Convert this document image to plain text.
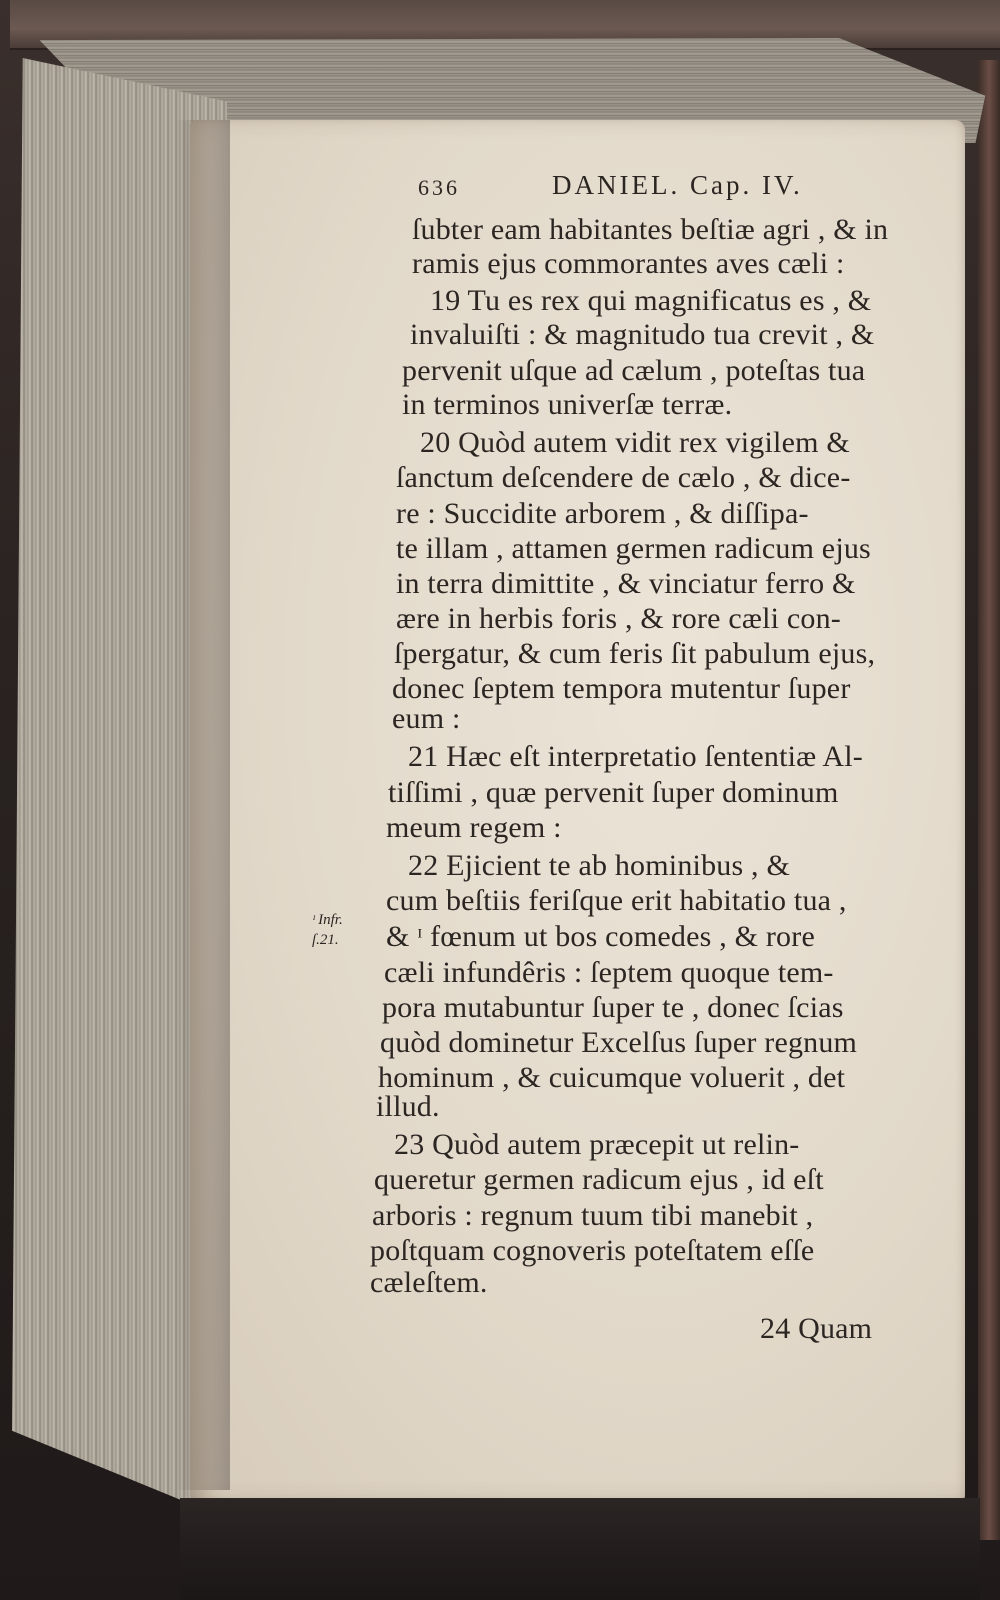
636	DANIEL. Cap. IV.
ſubter eam habitantes beſtiæ agri , & in
ramis ejus commorantes aves cæli :
19 Tu es rex qui magnificatus es , &
invaluiſti : & magnitudo tua crevit , &
pervenit uſque ad cælum , poteſtas tua
in terminos univerſæ terræ.
20 Quòd autem vidit rex vigilem &
ſanctum deſcendere de cælo , & dice-
re : Succidite arborem , & diſſipa-
te illam , attamen germen radicum ejus
in terra dimittite , & vinciatur ferro &
ære in herbis foris , & rore cæli con-
ſpergatur, & cum feris ſit pabulum ejus,
donec ſeptem tempora mutentur ſuper
eum :
21 Hæc eſt interpretatio ſententiæ Al-
tiſſimi , quæ pervenit ſuper dominum
meum regem :
22 Ejicient te ab hominibus , &
cum beſtiis feriſque erit habitatio tua ,
& ᶦ fœnum ut bos comedes , & rore
cæli infundêris : ſeptem quoque tem-
pora mutabuntur ſuper te , donec ſcias
quòd dominetur Excelſus ſuper regnum
hominum , & cuicumque voluerit , det
illud.
23 Quòd autem præcepit ut relin-
queretur germen radicum ejus , id eſt
arboris : regnum tuum tibi manebit ,
poſtquam cognoveris poteſtatem eſſe
cæleſtem.
ᶦ Infr.
ſ.21.
24 Quam
